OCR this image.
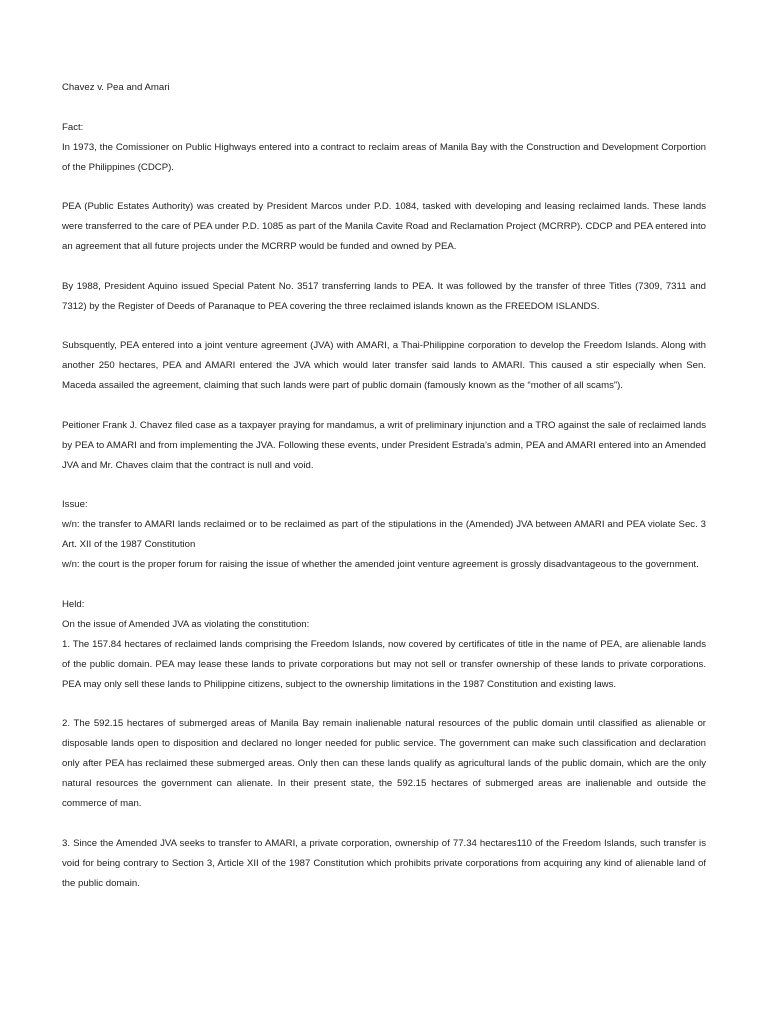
Chavez v. Pea and Amari

Fact:

In 1973, the Comissioner on Public Highways entered into a contract to reclaim areas of Manila Bay with the Construction and Development Corportion of the Philippines (CDCP).

PEA (Public Estates Authority) was created by President Marcos under P.D. 1084, tasked with developing and leasing reclaimed lands. These lands were transferred to the care of PEA under P.D. 1085 as part of the Manila Cavite Road and Reclamation Project (MCRRP). CDCP and PEA entered into an agreement that all future projects under the MCRRP would be funded and owned by PEA.

By 1988, President Aquino issued Special Patent No. 3517 transferring lands to PEA. It was followed by the transfer of three Titles (7309, 7311 and 7312) by the Register of Deeds of Paranaque to PEA covering the three reclaimed islands known as the FREEDOM ISLANDS.

Subsquently, PEA entered into a joint venture agreement (JVA) with AMARI, a Thai-Philippine corporation to develop the Freedom Islands. Along with another 250 hectares, PEA and AMARI entered the JVA which would later transfer said lands to AMARI. This caused a stir especially when Sen. Maceda assailed the agreement, claiming that such lands were part of public domain (famously known as the “mother of all scams”).

Peitioner Frank J. Chavez filed case as a taxpayer praying for mandamus, a writ of preliminary injunction and a TRO against the sale of reclaimed lands by PEA to AMARI and from implementing the JVA. Following these events, under President Estrada’s admin, PEA and AMARI entered into an Amended JVA and Mr. Chaves claim that the contract is null and void.

Issue:

w/n: the transfer to AMARI lands reclaimed or to be reclaimed as part of the stipulations in the (Amended) JVA between AMARI and PEA violate Sec. 3 Art. XII of the 1987 Constitution

w/n: the court is the proper forum for raising the issue of whether the amended joint venture agreement is grossly disadvantageous to the government.

Held:

On the issue of Amended JVA as violating the constitution:

1. The 157.84 hectares of reclaimed lands comprising the Freedom Islands, now covered by certificates of title in the name of PEA, are alienable lands of the public domain. PEA may lease these lands to private corporations but may not sell or transfer ownership of these lands to private corporations. PEA may only sell these lands to Philippine citizens, subject to the ownership limitations in the 1987 Constitution and existing laws.

2. The 592.15 hectares of submerged areas of Manila Bay remain inalienable natural resources of the public domain until classified as alienable or disposable lands open to disposition and declared no longer needed for public service. The government can make such classification and declaration only after PEA has reclaimed these submerged areas. Only then can these lands qualify as agricultural lands of the public domain, which are the only natural resources the government can alienate. In their present state, the 592.15 hectares of submerged areas are inalienable and outside the commerce of man.

3. Since the Amended JVA seeks to transfer to AMARI, a private corporation, ownership of 77.34 hectares110 of the Freedom Islands, such transfer is void for being contrary to Section 3, Article XII of the 1987 Constitution which prohibits private corporations from acquiring any kind of alienable land of the public domain.
